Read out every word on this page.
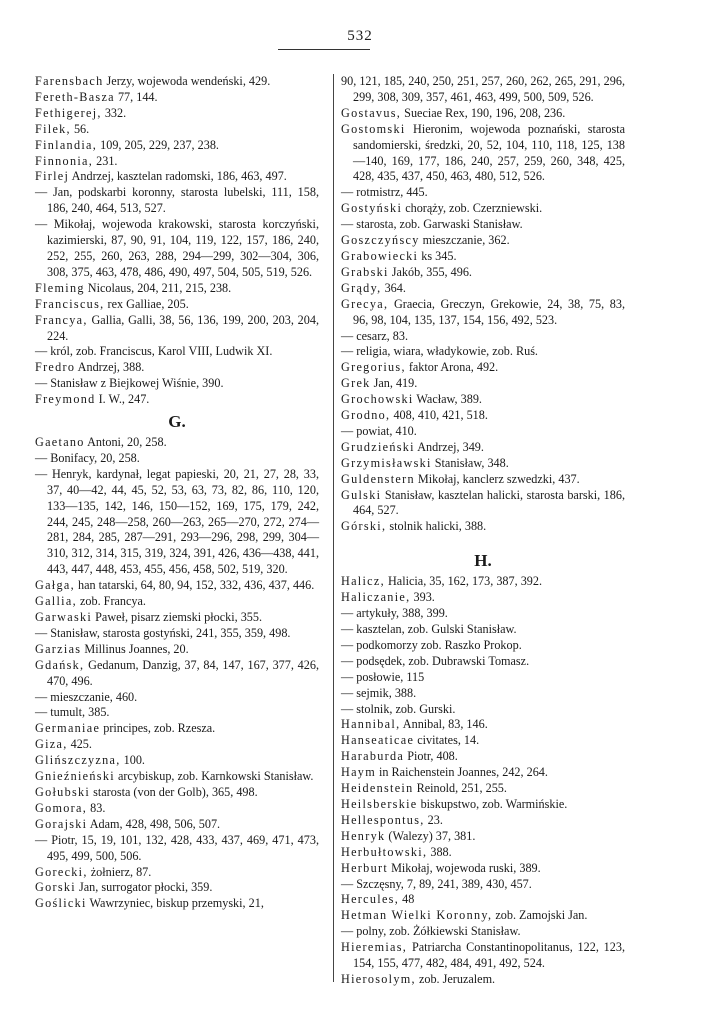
532
Farensbach Jerzy, wojewoda wendeński, 429.
Fereth-Basza 77, 144.
Fethigerej, 332.
Filek, 56.
Finlandia, 109, 205, 229, 237, 238.
Finnonia, 231.
Firlej Andrzej, kasztelan radomski, 186, 463, 497.
— Jan, podskarbi koronny, starosta lubelski, 111, 158, 186, 240, 464, 513, 527.
— Mikołaj, wojewoda krakowski, starosta korczyński, kazimierski, 87, 90, 91, 104, 119, 122, 157, 186, 240, 252, 255, 260, 263, 288, 294—299, 302—304, 306, 308, 375, 463, 478, 486, 490, 497, 504, 505, 519, 526.
Fleming Nicolaus, 204, 211, 215, 238.
Franciscus, rex Galliae, 205.
Francya, Gallia, Galli, 38, 56, 136, 199, 200, 203, 204, 224.
— król, zob. Franciscus, Karol VIII, Ludwik XI.
Fredro Andrzej, 388.
— Stanisław z Biejkowej Wiśnie, 390.
Freymond I. W., 247.
G.
Gaetano Antoni, 20, 258.
— Bonifacy, 20, 258.
— Henryk, kardynał, legat papieski, 20, 21, 27, 28, 33, 37, 40—42, 44, 45, 52, 53, 63, 73, 82, 86, 110, 120, 133—135, 142, 146, 150—152, 169, 175, 179, 242, 244, 245, 248—258, 260—263, 265—270, 272, 274—281, 284, 285, 287—291, 293—296, 298, 299, 304—310, 312, 314, 315, 319, 324, 391, 426, 436—438, 441, 443, 447, 448, 453, 455, 456, 458, 502, 519, 320.
Gałga, han tatarski, 64, 80, 94, 152, 332, 436, 437, 446.
Gallia, zob. Francya.
Garwaski Paweł, pisarz ziemski płocki, 355.
— Stanisław, starosta gostyński, 241, 355, 359, 498.
Garzias Millinus Joannes, 20.
Gdańsk, Gedanum, Danzig, 37, 84, 147, 167, 377, 426, 470, 496.
— mieszczanie, 460.
— tumult, 385.
Germaniae principes, zob. Rzesza.
Giza, 425.
Glińszczyzna, 100.
Gnieźnieński arcybiskup, zob. Karnkowski Stanisław.
Gołubski starosta (von der Golb), 365, 498.
Gomora, 83.
Gorajski Adam, 428, 498, 506, 507.
— Piotr, 15, 19, 101, 132, 428, 433, 437, 469, 471, 473, 495, 499, 500, 506.
Gorecki, żołnierz, 87.
Gorski Jan, surrogator płocki, 359.
Goślicki Wawrzyniec, biskup przemyski, 21,
90, 121, 185, 240, 250, 251, 257, 260, 262, 265, 291, 296, 299, 308, 309, 357, 461, 463, 499, 500, 509, 526.
Gostavus, Sueciae Rex, 190, 196, 208, 236.
Gostomski Hieronim, wojewoda poznański, starosta sandomierski, średzki, 20, 52, 104, 110, 118, 125, 138—140, 169, 177, 186, 240, 257, 259, 260, 348, 425, 428, 435, 437, 450, 463, 480, 512, 526.
— rotmistrz, 445.
Gostyński chorąży, zob. Czerzniewski.
— starosta, zob. Garwaski Stanisław.
Goszczyńscy mieszczanie, 362.
Grabowiecki ks 345.
Grabski Jakób, 355, 496.
Grądy, 364.
Grecya, Graecia, Greczyn, Grekowie, 24, 38, 75, 83, 96, 98, 104, 135, 137, 154, 156, 492, 523.
— cesarz, 83.
— religia, wiara, władykowie, zob. Ruś.
Gregorius, faktor Arona, 492.
Grek Jan, 419.
Grochowski Wacław, 389.
Grodno, 408, 410, 421, 518.
— powiat, 410.
Grudzieński Andrzej, 349.
Grzymisławski Stanisław, 348.
Guldenstern Mikołaj, kanclerz szwedzki, 437.
Gulski Stanisław, kasztelan halicki, starosta barski, 186, 464, 527.
Górski, stolnik halicki, 388.
H.
Halicz, Halicia, 35, 162, 173, 387, 392.
Haliczanie, 393.
— artykuły, 388, 399.
— kasztelan, zob. Gulski Stanisław.
— podkomorzy zob. Raszko Prokop.
— podsędek, zob. Dubrawski Tomasz.
— posłowie, 115
— sejmik, 388.
— stolnik, zob. Gurski.
Hannibal, Annibal, 83, 146.
Hanseaticae civitates, 14.
Haraburda Piotr, 408.
Haym in Raichenstein Joannes, 242, 264.
Heidenstein Reinold, 251, 255.
Heilsberskie biskupstwo, zob. Warmińskie.
Hellespontus, 23.
Henryk (Walezy) 37, 381.
Herbułtowski, 388.
Herburt Mikołaj, wojewoda ruski, 389.
— Szczęsny, 7, 89, 241, 389, 430, 457.
Hercules, 48
Hetman Wielki Koronny, zob. Zamojski Jan.
— polny, zob. Żółkiewski Stanisław.
Hieremias, Patriarcha Constantinopolitanus, 122, 123, 154, 155, 477, 482, 484, 491, 492, 524.
Hierosolym, zob. Jeruzalem.
